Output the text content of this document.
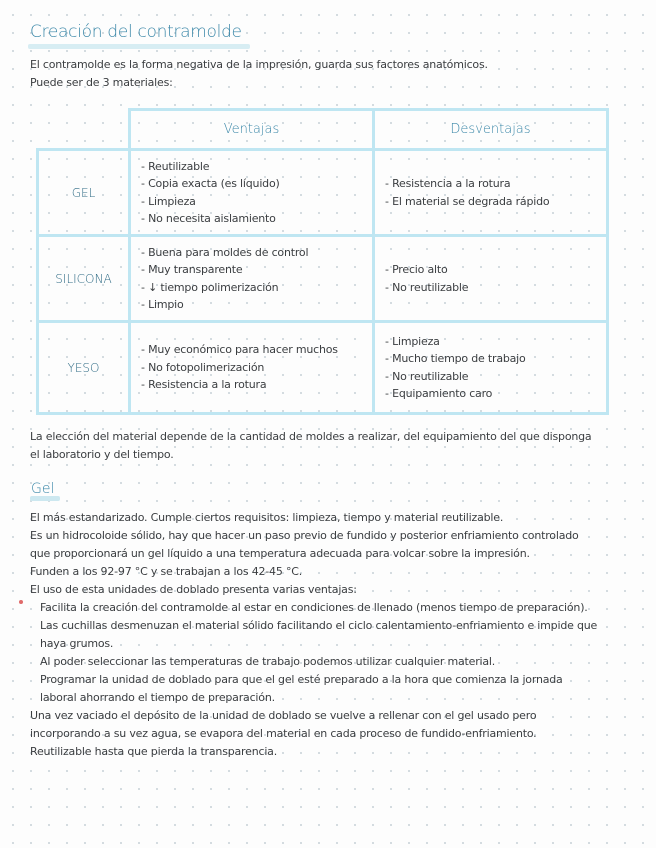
Creación del contramolde
El contramolde es la forma negativa de la impresión, guarda sus factores anatómicos.
Puede ser de 3 materiales:
	Ventajas	Desventajas
GEL	- Reutilizable
- Copia exacta (es líquido)
- Limpieza
- No necesita aislamiento	- Resistencia a la rotura
- El material se degrada rápido

SILICONA	- Buena para moldes de control
- Muy transparente
- ↓ tiempo polimerización
- Limpio	- Precio alto
- No reutilizable

YESO	- Muy económico para hacer muchos
- No fotopolimerización
- Resistencia a la rotura	- Limpieza
- Mucho tiempo de trabajo
- No reutilizable
- Equipamiento caro
La elección del material depende de la cantidad de moldes a realizar, del equipamiento del que disponga
el laboratorio y del tiempo.
Gel
El más estandarizado. Cumple ciertos requisitos: limpieza, tiempo y material reutilizable.
Es un hidrocoloide sólido, hay que hacer un paso previo de fundido y posterior enfriamiento controlado
que proporcionará un gel líquido a una temperatura adecuada para volcar sobre la impresión.
Funden a los 92-97 °C y se trabajan a los 42-45 °C.
El uso de esta unidades de doblado presenta varias ventajas:
Facilita la creación del contramolde al estar en condiciones de llenado (menos tiempo de preparación).
Las cuchillas desmenuzan el material sólido facilitando el ciclo calentamiento-enfriamiento e impide que
haya grumos.
Al poder seleccionar las temperaturas de trabajo podemos utilizar cualquier material.
Programar la unidad de doblado para que el gel esté preparado a la hora que comienza la jornada
laboral ahorrando el tiempo de preparación.
Una vez vaciado el depósito de la unidad de doblado se vuelve a rellenar con el gel usado pero
incorporando a su vez agua, se evapora del material en cada proceso de fundido-enfriamiento.
Reutilizable hasta que pierda la transparencia.
